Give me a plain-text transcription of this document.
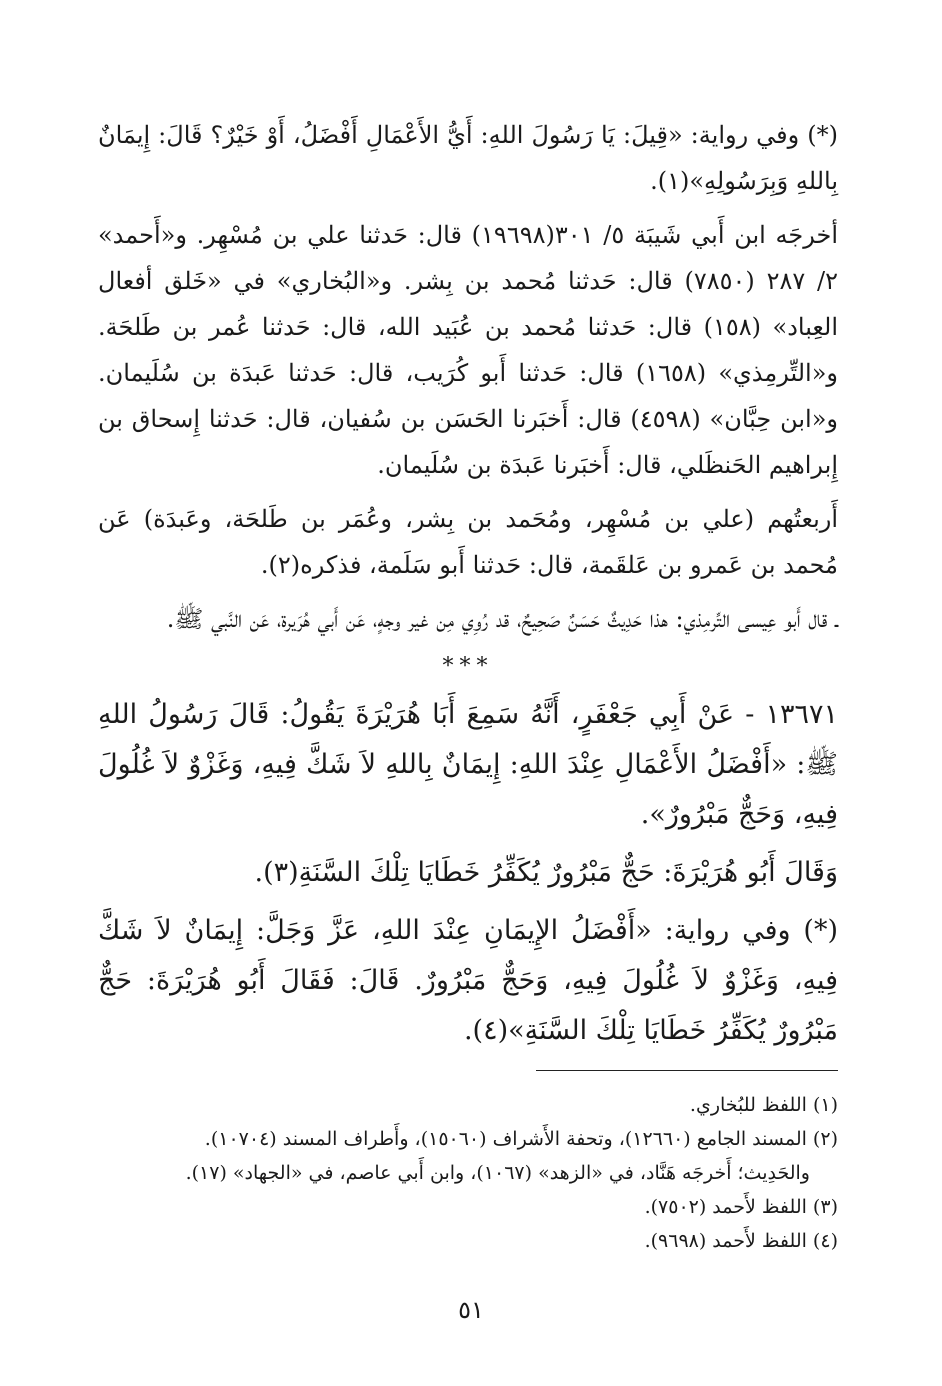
(*) وفي رواية: «قِيلَ: يَا رَسُولَ اللهِ: أَيُّ الأَعْمَالِ أَفْضَلُ، أَوْ خَيْرٌ؟ قَالَ: إِيمَانٌ بِاللهِ وَبِرَسُولِهِ»(١).

أخرجَه ابن أَبي شَيبَة ٥/ ٣٠١(١٩٦٩٨) قال: حَدثنا علي بن مُسْهِر. و«أَحمد» ٢/ ٢٨٧ (٧٨٥٠) قال: حَدثنا مُحمد بن بِشر. و«البُخاري» في «خَلق أفعال العِباد» (١٥٨) قال: حَدثنا مُحمد بن عُبَيد الله، قال: حَدثنا عُمر بن طَلحَة. و«التِّرمِذي» (١٦٥٨) قال: حَدثنا أَبو كُرَيب، قال: حَدثنا عَبدَة بن سُلَيمان. و«ابن حِبَّان» (٤٥٩٨) قال: أَخبَرنا الحَسَن بن سُفيان، قال: حَدثنا إِسحاق بن إِبراهيم الحَنظَلي، قال: أَخبَرنا عَبدَة بن سُلَيمان.

أَربعتُهم (علي بن مُسْهِر، ومُحَمد بن بِشر، وعُمَر بن طَلحَة، وعَبدَة) عَن مُحمد بن عَمرو بن عَلقَمة، قال: حَدثنا أَبو سَلَمة، فذكره(٢).

ـ قال أَبو عِيسى التِّرمِذي: هذا حَدِيثٌ حَسَنٌ صَحِيحٌ، قد رُوِي مِن غير وجهٍ، عَن أَبي هُرَيرة، عَن النَّبي ﷺ.

***

١٣٦٧١ - عَنْ أَبِي جَعْفَرٍ، أَنَّهُ سَمِعَ أَبَا هُرَيْرَةَ يَقُولُ: قَالَ رَسُولُ اللهِ ﷺ: «أَفْضَلُ الأَعْمَالِ عِنْدَ اللهِ: إِيمَانٌ بِاللهِ لاَ شَكَّ فِيهِ، وَغَزْوٌ لاَ غُلُولَ فِيهِ، وَحَجٌّ مَبْرُورٌ».

وَقَالَ أَبُو هُرَيْرَةَ: حَجٌّ مَبْرُورٌ يُكَفِّرُ خَطَايَا تِلْكَ السَّنَةِ(٣).

(*) وفي رواية: «أَفْضَلُ الإِيمَانِ عِنْدَ اللهِ، عَزَّ وَجَلَّ: إِيمَانٌ لاَ شَكَّ فِيهِ، وَغَزْوٌ لاَ غُلُولَ فِيهِ، وَحَجٌّ مَبْرُورٌ. قَالَ: فَقَالَ أَبُو هُرَيْرَةَ: حَجٌّ مَبْرُورٌ يُكَفِّرُ خَطَايَا تِلْكَ السَّنَةِ»(٤).

(١) اللفظ للبُخاري.

(٢) المسند الجامع (١٢٦٦٠)، وتحفة الأَشراف (١٥٠٦٠)، وأَطراف المسند (١٠٧٠٤).

والحَدِيث؛ أَخرجَه هَنَّاد، في «الزهد» (١٠٦٧)، وابن أَبي عاصم، في «الجهاد» (١٧).

(٣) اللفظ لأَحمد (٧٥٠٢).

(٤) اللفظ لأَحمد (٩٦٩٨).

٥١
